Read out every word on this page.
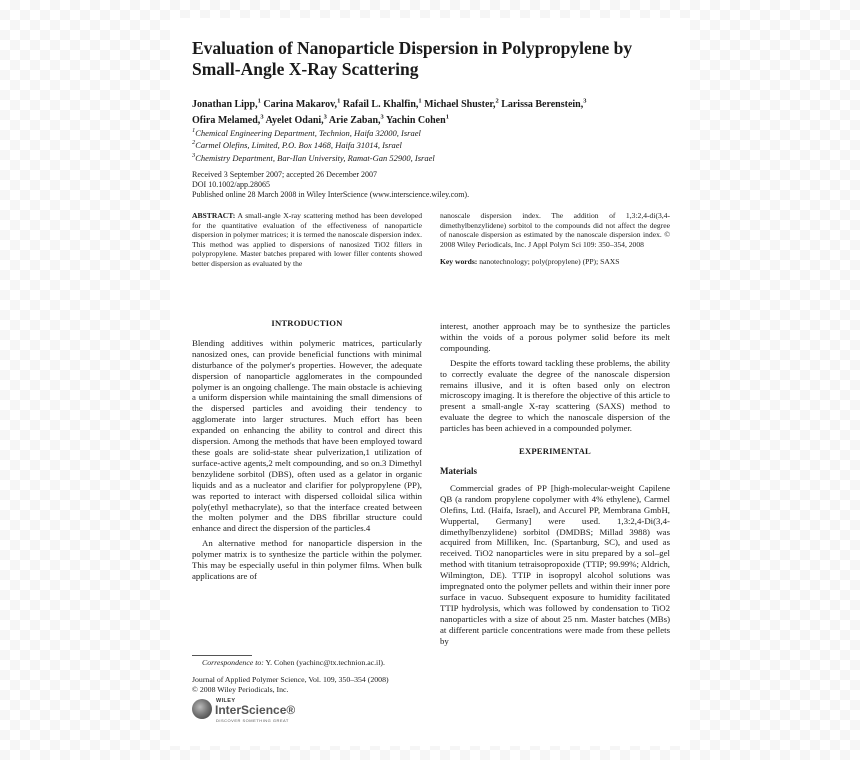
Evaluation of Nanoparticle Dispersion in Polypropylene by Small-Angle X-Ray Scattering
Jonathan Lipp,$^1$ Carina Makarov,$^1$ Rafail L. Khalfin,$^1$ Michael Shuster,$^2$ Larissa Berenstein,$^3$
Ofira Melamed,$^3$ Ayelet Odani,$^3$ Arie Zaban,$^3$ Yachin Cohen$^1$
$^1$Chemical Engineering Department, Technion, Haifa 32000, Israel
$^2$Carmel Olefins, Limited, P.O. Box 1468, Haifa 31014, Israel
$^3$Chemistry Department, Bar-Ilan University, Ramat-Gan 52900, Israel
Received 3 September 2007; accepted 26 December 2007
DOI 10.1002/app.28065
Published online 28 March 2008 in Wiley InterScience (www.interscience.wiley.com).
ABSTRACT: A small-angle X-ray scattering method has been developed for the quantitative evaluation of the effectiveness of nanoparticle dispersion in polymer matrices; it is termed the nanoscale dispersion index. This method was applied to dispersions of nanosized TiO2 fillers in polypropylene. Master batches prepared with lower filler contents showed better dispersion as evaluated by the
nanoscale dispersion index. The addition of 1,3:2,4-di(3,4-dimethylbenzylidene) sorbitol to the compounds did not affect the degree of nanoscale dispersion as estimated by the nanoscale dispersion index. © 2008 Wiley Periodicals, Inc. J Appl Polym Sci 109: 350–354, 2008
Key words: nanotechnology; poly(propylene) (PP); SAXS
INTRODUCTION

Blending additives within polymeric matrices, particularly nanosized ones, can provide beneficial functions with minimal disturbance of the polymer's properties. However, the adequate dispersion of nanoparticle agglomerates in the compounded polymer is an ongoing challenge. The main obstacle is achieving a uniform dispersion while maintaining the small dimensions of the dispersed particles and avoiding their tendency to agglomerate into larger structures. Much effort has been expanded on enhancing the ability to control and direct this dispersion. Among the methods that have been employed toward these goals are solid-state shear pulverization,1 utilization of surface-active agents,2 melt compounding, and so on.3 Dimethyl benzylidene sorbitol (DBS), often used as a gelator in organic liquids and as a nucleator and clarifier for polypropylene (PP), was reported to interact with dispersed colloidal silica within poly(ethyl methacrylate), so that the interface created between the molten polymer and the DBS fibrillar structure could enhance and direct the dispersion of the particles.4

An alternative method for nanoparticle dispersion in the polymer matrix is to synthesize the particle within the polymer. This may be especially useful in thin polymer films. When bulk applications are of

interest, another approach may be to synthesize the particles within the voids of a porous polymer solid before its melt compounding.

Despite the efforts toward tackling these problems, the ability to correctly evaluate the degree of the nanoscale dispersion remains illusive, and it is often based only on electron microscopy imaging. It is therefore the objective of this article to present a small-angle X-ray scattering (SAXS) method to evaluate the degree to which the nanoscale dispersion of the particles has been achieved in a compounded polymer.

EXPERIMENTAL
Materials

Commercial grades of PP [high-molecular-weight Capilene QB (a random propylene copolymer with 4% ethylene), Carmel Olefins, Ltd. (Haifa, Israel), and Accurel PP, Membrana GmbH, Wuppertal, Germany] were used. 1,3:2,4-Di(3,4-dimethylbenzylidene) sorbitol (DMDBS; Millad 3988) was acquired from Milliken, Inc. (Spartanburg, SC), and used as received. TiO2 nanoparticles were in situ prepared by a sol–gel method with titanium tetraisopropoxide (TTIP; 99.99%; Aldrich, Wilmington, DE). TTIP in isopropyl alcohol solutions was impregnated onto the polymer pellets and within their inner pore surface in vacuo. Subsequent exposure to humidity facilitated TTIP hydrolysis, which was followed by condensation to TiO2 nanoparticles with a size of about 25 nm. Master batches (MBs) at different particle concentrations were made from these pellets by

Correspondence to: Y. Cohen (yachinc@tx.technion.ac.il).
Journal of Applied Polymer Science, Vol. 109, 350–354 (2008)
© 2008 Wiley Periodicals, Inc.
WILEY
InterScience®
DISCOVER SOMETHING GREAT
